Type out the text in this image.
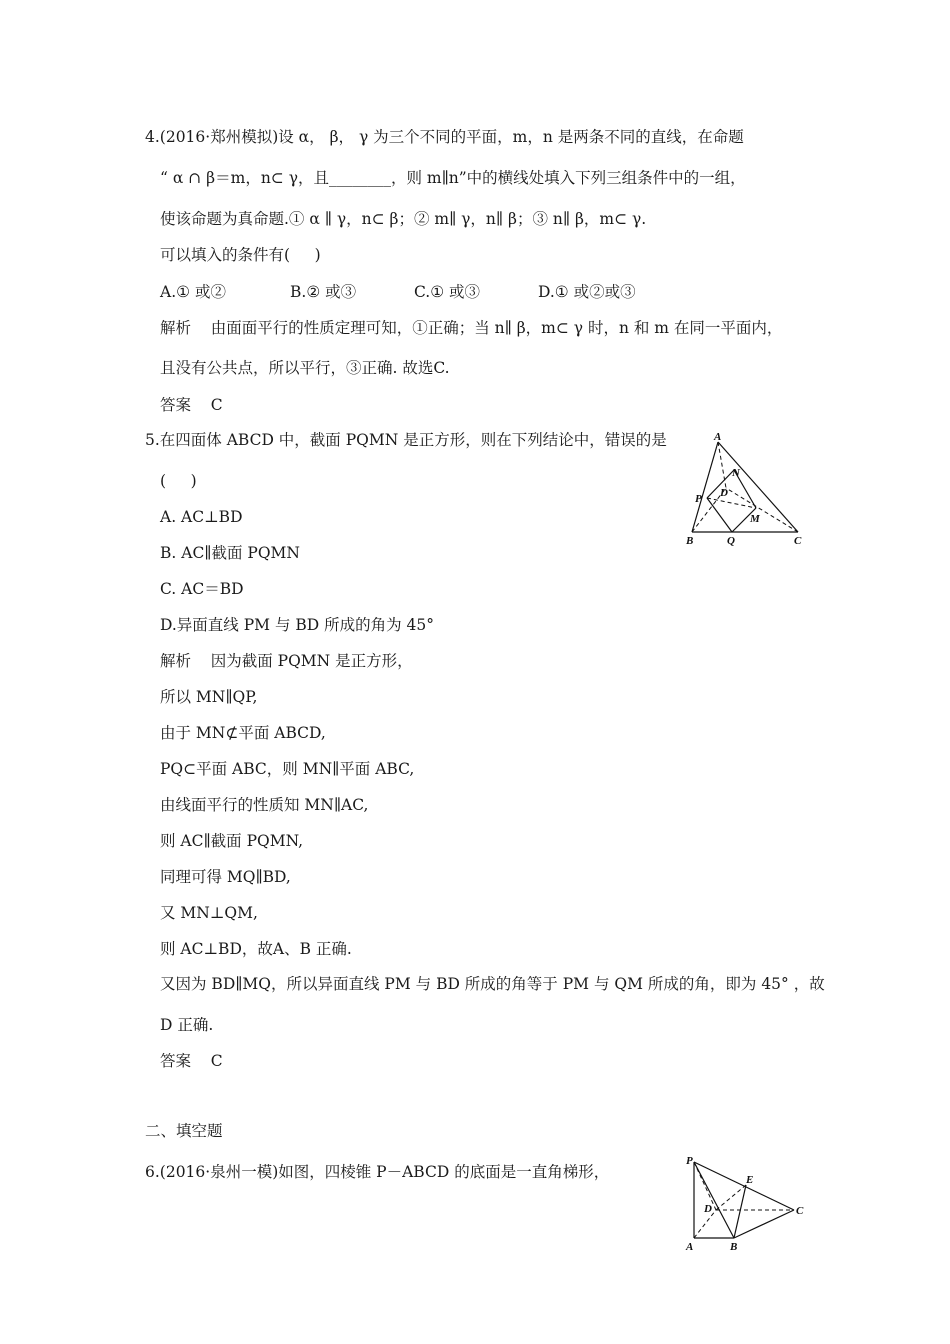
4.(2016·郑州模拟)设 α， β， γ 为三个不同的平面，m，n 是两条不同的直线，在命题
“ α ∩ β＝m，n⊂ γ，且________，则 m∥n”中的横线处填入下列三组条件中的一组，
使该命题为真命题.① α ∥ γ，n⊂ β；② m∥ γ，n∥ β；③ n∥ β，m⊂ γ.
可以填入的条件有(     )
A.① 或②	B.② 或③	C.① 或③	D.① 或②或③
解析    由面面平行的性质定理可知，①正确；当 n∥ β，m⊂ γ 时，n 和 m 在同一平面内，
且没有公共点，所以平行，③正确. 故选C.
答案    C
5.在四面体 ABCD 中，截面 PQMN 是正方形，则在下列结论中，错误的是
(     )
A. AC⊥BD
B. AC∥截面 PQMN
C. AC＝BD
D.异面直线 PM 与 BD 所成的角为 45°
解析    因为截面 PQMN 是正方形，
所以 MN∥QP,
由于 MN⊄平面 ABCD,
PQ⊂平面 ABC，则 MN∥平面 ABC,
由线面平行的性质知 MN∥AC,
则 AC∥截面 PQMN,
同理可得 MQ∥BD,
又 MN⊥QM,
则 AC⊥BD，故A、B 正确.
又因为 BD∥MQ，所以异面直线 PM 与 BD 所成的角等于 PM 与 QM 所成的角，即为 45° ，故
D 正确.
答案    C
A
N
D
P
M
B	Q	C
二、填空题
6.(2016·泉州一模)如图，四棱锥 P－ABCD 的底面是一直角梯形，
P
E
D	C
A	B
